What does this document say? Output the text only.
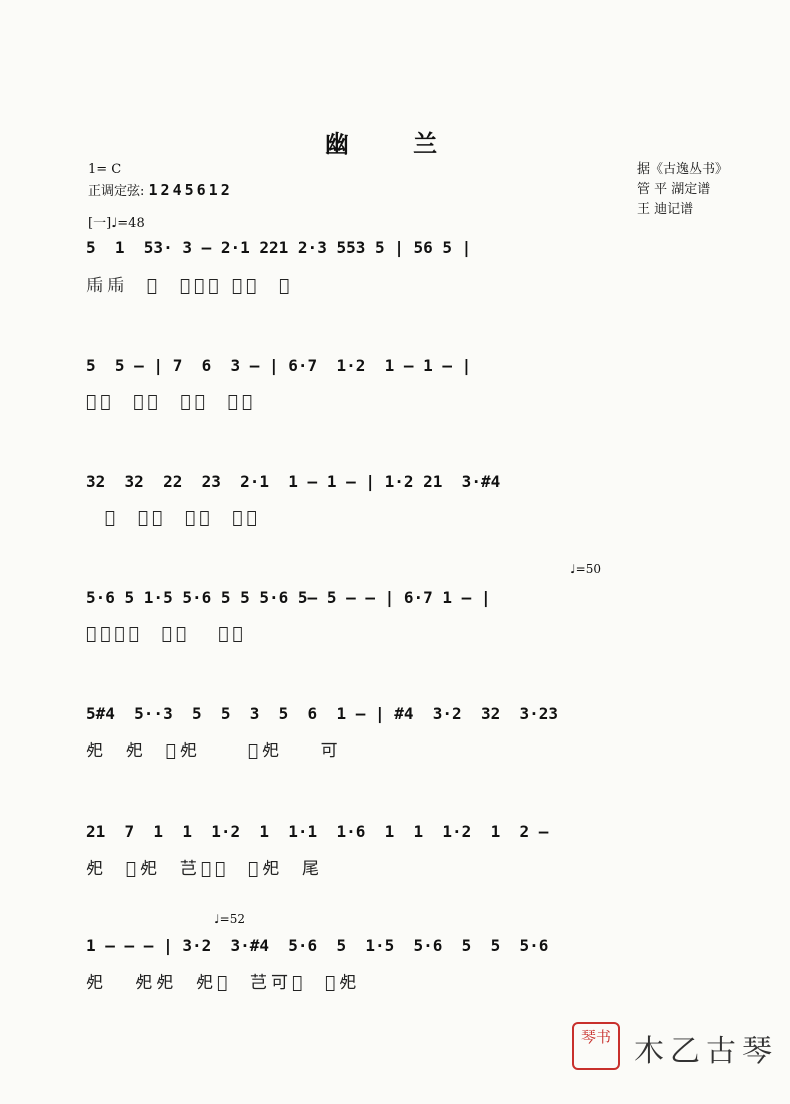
幽 兰
1= C
正调定弦: 1245612
据《古逸丛书》
管 平 湖定谱
王 迪记谱
[一]♩=48
5  1  53· 3 — 2·1 221 2·3 553 5 | 56 5 |
𢁺𢁺  𢀳  𢀸𢀸𢀳 𢀸𢀸  𢁊
5  5 — | 7  6  3 — | 6·7  1·2  1 — 1 — |
𢀰芑  𢀰𦬒  𢀸𢀰  𢀳芑
32  32  22  23  2·1  1 — 1 — | 1·2 21  3·#4
𢀳  𢀸芑  𢀳芑  𢀸𢀸
♩=50
5·6 5 1·5 5·6 5 5 5·6 5— 5 — — | 6·7 1 — |
𢀳芑可𢀳  𢀳𢀸   𢀸𢀳
5#4  5··3  5  5  3  5  6  1 — | #4  3·2  32  3·23
𢀸  𢀸  𢀳𢀸     𢀰𢀸    可
21  7  1  1  1·2  1  1·1  1·6  1  1  1·2  1  2 —
𢀸  𢀳𢀸  芑𢀰𢀳  𢀳𢀸  尾
♩=52
1 — — — | 3·2  3·#4  5·6  5  1·5  5·6  5  5  5·6
𢀸   𢀸𢀸  𢀸𢀳  芑可𢀳  𢀳𢀸
琴书 木乙古琴
